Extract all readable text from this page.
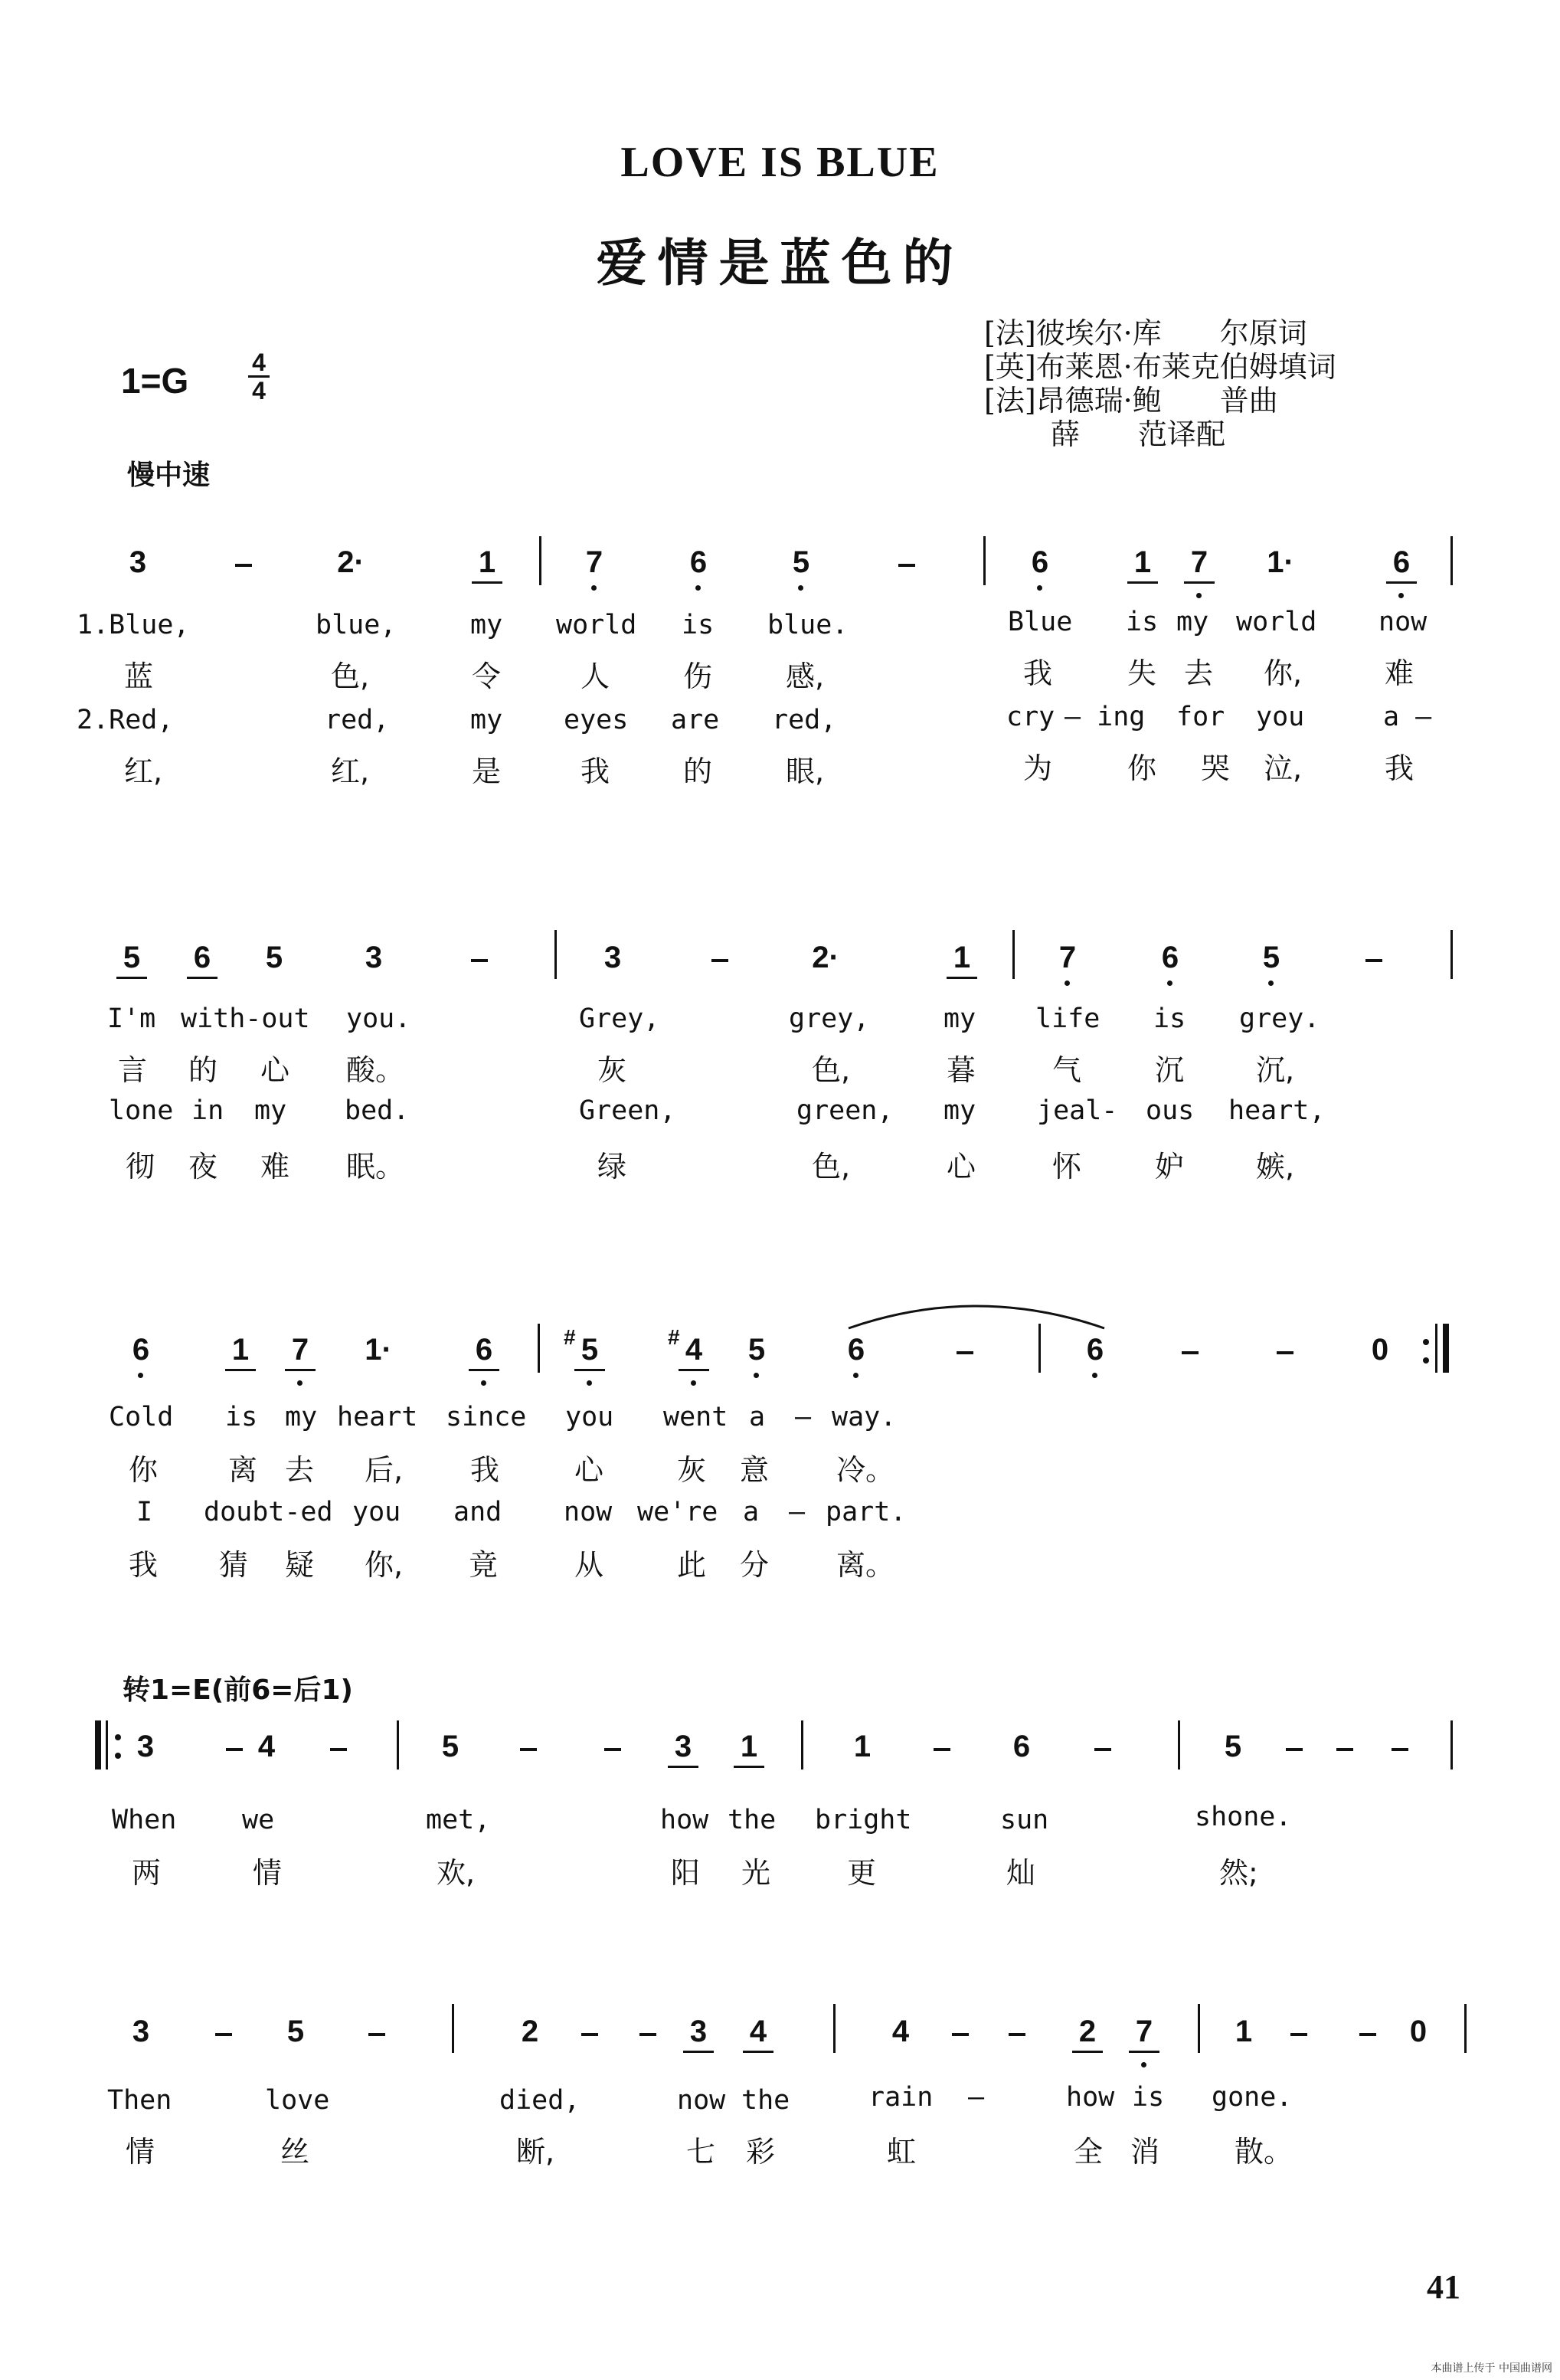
LOVE IS BLUE
爱情是蓝色的
[法]彼埃尔·库　　尔原词
[英]布莱恩·布莱克伯姆填词
[法]昂德瑞·鲍　　普曲
薛　　范译配
1=G	4
4
慢中速
3	2·	1	7	6	5	6	1 7 1·	6
1.Blue,	blue,	my world is blue.	Blue is my world now
蓝	色,	令	人	伤	感,	我	失 去 你,	难
2.Red,	red,	my eyes are red,	cry – ing for you	a –
红,	红,	是	我	的	眼,	为	你 哭 泣,	我
5 6 5	3	3	2·	1	7	6	5
I'm with-out you.	Grey,	grey,	my life is grey.
言 的 心 酸。	灰	色,	暮	气	沉 沉,
lone in my bed.	Green,	green, my jeal- ous heart,
彻 夜 难 眠。	绿	色,	心	怀	妒 嫉,
6	1 7 1·	6	# 5	# 4 5	6	6	0
Cold is my heart since you went a – way.
你 离 去 后, 我	心	灰 意 冷。
I doubt-ed you and now we're a – part.
我 猜 疑 你, 竟	从	此 分 离。
转1=E(前6=后1)
3	4	5	3 1	1	6	5
When we	met,	how the bright	sun	shone.
两	情	欢,	阳 光	更	灿	然;
3	5	2	3 4	4	2 7	1	0
Then	love	died,	now the	rain –	how is gone.
情	丝	断,	七 彩	虹	全 消	散。
41
本曲谱上传于 中国曲谱网
